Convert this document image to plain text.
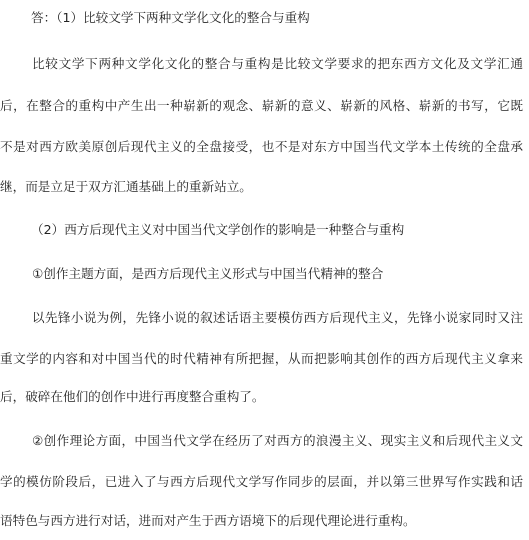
答：（1）比较文学下两种文学化文化的整合与重构
比较文学下两种文学化文化的整合与重构是比较文学要求的把东西方文化及文学汇通
后，在整合的重构中产生出一种崭新的观念、崭新的意义、崭新的风格、崭新的书写，它既
不是对西方欧美原创后现代主义的全盘接受，也不是对东方中国当代文学本土传统的全盘承
继，而是立足于双方汇通基础上的重新站立。
（2）西方后现代主义对中国当代文学创作的影响是一种整合与重构
①创作主题方面，是西方后现代主义形式与中国当代精神的整合
以先锋小说为例，先锋小说的叙述话语主要模仿西方后现代主义，先锋小说家同时又注
重文学的内容和对中国当代的时代精神有所把握，从而把影响其创作的西方后现代主义拿来
后，破碎在他们的创作中进行再度整合重构了。
②创作理论方面，中国当代文学在经历了对西方的浪漫主义、现实主义和后现代主义文
学的模仿阶段后，已进入了与西方后现代文学写作同步的层面，并以第三世界写作实践和话
语特色与西方进行对话，进而对产生于西方语境下的后现代理论进行重构。
